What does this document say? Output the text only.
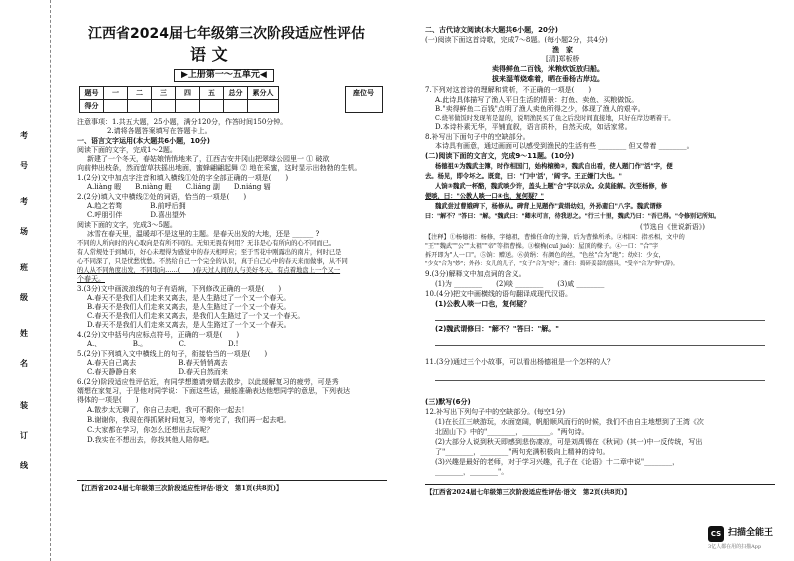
考
号
考
场
班
级
姓
名
装
订
线
江西省2024届七年级第三次阶段适应性评估
语 文
▶上册第一～五单元◀
题号	一	二	三	四	五	总分	累分人
得分							
座位号
注意事项：1.共五大题，25小题，满分120分，作答时间150分钟。
2.请将各题答案填写在答题卡上。
一、语言文字运用(本大题共6小题，10分)
阅读下面的文字，完成1～2题。
新建了一个冬天，春姑娘悄悄地来了，江西吉安井冈山把翠绿公园里一 ① 破欲
向前伸出枝条，然而萤草扶摇出地面，蜜蜂翩翩起舞 ② 地在采蜜，这时显示出勃勃的生机。
1.(2分)文中加点字注音和填入横线①处的字全部正确的一项是(　　)
A.liàng 暇　　B.niàng 暇　　C.liáng 副　　D.niáng 辐
2.(2分)填入文中横线②处的词语，恰当的一项是(　　)
A.趋之若骛　　　　B.前呼后拥
C.呼朋引伴　　　　D.喜出望外
阅读下面的文字，完成3～5题。
冰雪在春天里，温暖却不是这里的主题。是春天出发的大地，还是 ______ ?
不同的人所向时的内心取向是有所不同的。无知无畏有何用？无非是心有所向的心不同而已。
有人常规处于到城市，好心未理得为感觉中的春天相呼应；至于雪花中刚露出的南片，何时已是
心不同深了，只是忧愁忧愁。不然给自己一个完全的认识，真于自己心中的春天来而做事，从不同
的人从不同角度出发，不同取向……(　　)春天过人间的人与美好冬天，有点着地盘上一个又一
个春天。
3.(3分)文中画波浪线的句子有语病，下列修改正确的一项是(　　)
A.春天不是我们人们走来又离去，是人生路过了一个又一个春天。
B.春天不是我们人们走来又离去，是人生路过了一个又一个春天。
C.春天不是我们人们走来又离去，是我们人生路过了一个又一个春天。
D.春天不是我们人们走来又离去，是人生路过了一个又一个春天。
4.(2分)文中括号内应标点符号，正确的一项是(　　)
A.、　　　　　B.。　　　　　C.　　　　　　D.!
5.(2分)下列填入文中横线上的句子，衔接恰当的一项是(　　)
A.春天自己离去　　　　　　B.春天悄悄离去
C.春天静静自来　　　　　　D.春天自然而来
6.(2分)阶段适应性评估近，有同学想邀请旁婿去散步，以此缓解复习的疲劳，可是秀
婿想在家复习，于是他对同学说：下面这些话，最能准确表达他想同学的意思，下列表达
得体的一项是(　　)
A.散步太无聊了，你自己去吧，我可不跟你一起去！
B.谢谢你，我现在得抓紧时间复习，等考完了，我们再一起去吧。
C.大家都在学习，你怎么还想出去玩呢？
D.我实在不想出去，你找其他人陪你吧。
【江西省2024届七年级第三次阶段适应性评估·语文　第1页(共8页)】
二、古代诗文阅读(本大题共6小题，20分)
(一)阅读下面这首诗歌，完成7～8题。(每小题2分，共4分)
渔　家
[清]郑板桥
卖得鲜鱼二百钱，米粮炊饭放归船。
拔来湿苇烧难着，晒在垂杨古岸边。
7.下列对这首诗的理解和赏析，不正确的一项是(　　)
A.此诗具体描写了渔人平日生活的情景：打鱼、卖鱼、买粮做饭。
B."卖得鲜鱼二百钱"点明了渔人卖鱼所得之少，体现了渔人的艰辛。
C.烧苇做饭时发现苇是湿的，说明渔民买了鱼之后没时间直接地，只好在岸边晒着干。
D.本诗朴素无华，平铺直叙，语言质朴，自然天成，如话家常。
8.补写出下面句子中的空缺部分。
本诗具有画意，通过画面可以感受到渔民的生活有些 ________ 但又带着 ________。
(二)阅读下面的文言文，完成9～11题。(10分)
杨德祖①为魏武主簿，时作相国门，始构榱桷②，魏武自出看，使人题门作"活"字，便
去。杨见，即令坏之。既竟，曰："门中'活'，'阔'字。王正嫌门大也。"
人饷③魏武一杯酪，魏武啖少许，盖头上题"合"字以示众。众莫能解。次至杨修，修
便啖，曰："公教人啖一口④也，复何疑？"
魏武尝过曹娥碑下，杨修从。碑背上见题作"黄绢幼妇，外孙齑臼"八字。魏武谓修
曰："解不？"答曰："解。"魏武曰："卿未可言，待我思之。"行三十里，魏武乃曰："吾已得。"令修别记所知。
(节选自《世说新语》)
【注释】①杨德祖：杨修，字德祖，曹操任命的主簿，后为曹操所杀。②相国：指丞相，文中的
"王""魏武""公""太祖""帝"等指曹操。③榱桷(cuī jué)：屋顶的椽子。④一口："合"字
拆开即为"人一口"。⑤饷：赠送。⑥黄绢：有颜色的丝，"色丝"合为"绝"；幼妇：少女，
"少女"合为"妙"；外孙：女儿的儿子，"女子"合为"好"；齑臼：捣碎姜蒜的器具，"受辛"合为"辤"(辞)。
9.(3分)解释文中加点词的含义。
(1)为 ________　　(2)啖 ________　　(3)咸 ________
10.(4分)把文中画横线的语句翻译成现代汉语。
(1)公教人啖一口也，复何疑？
(2)魏武谓修曰："解不？"答曰："解。"
11.(3分)通过三个小故事，可以看出杨德祖是一个怎样的人？
(三)默写(6分)
12.补写出下列句子中的空缺部分。(每空1分)
(1)在长江三峡游玩，水面宽阔，帆船顺风而行的时候，我们不由自主地想到了王湾《次
北固山下》中的"________，________。"两句诗。
(2)大部分人说到秋天即感到悲伤凄凉，可是刘禹锡在《秋词》(其一)中一反传统，写出
了"________，________"两句充满积极向上精神的诗句。
(3)兴趣是最好的老师，对于学习兴趣，孔子在《论语》十二章中说"________，
________，________"。
【江西省2024届七年级第三次阶段适应性评估·语文　第2页(共8页)】
CS 扫描全能王
3亿人都在用的扫描App
